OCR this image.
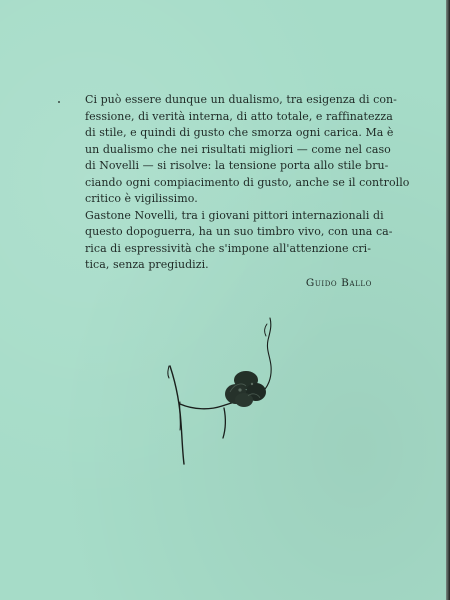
Ci può essere dunque un dualismo, tra esigenza di con-
fessione, di verità interna, di atto totale, e raffinatezza
di stile, e quindi di gusto che smorza ogni carica. Ma è
un dualismo che nei risultati migliori — come nel caso
di Novelli — si risolve: la tensione porta allo stile bru-
ciando ogni compiacimento di gusto, anche se il controllo
critico è vigilissimo.

Gastone Novelli, tra i giovani pittori internazionali di
questo dopoguerra, ha un suo timbro vivo, con una ca-
rica di espressività che s'impone all'attenzione cri-
tica, senza pregiudizi.

Guido Ballo
